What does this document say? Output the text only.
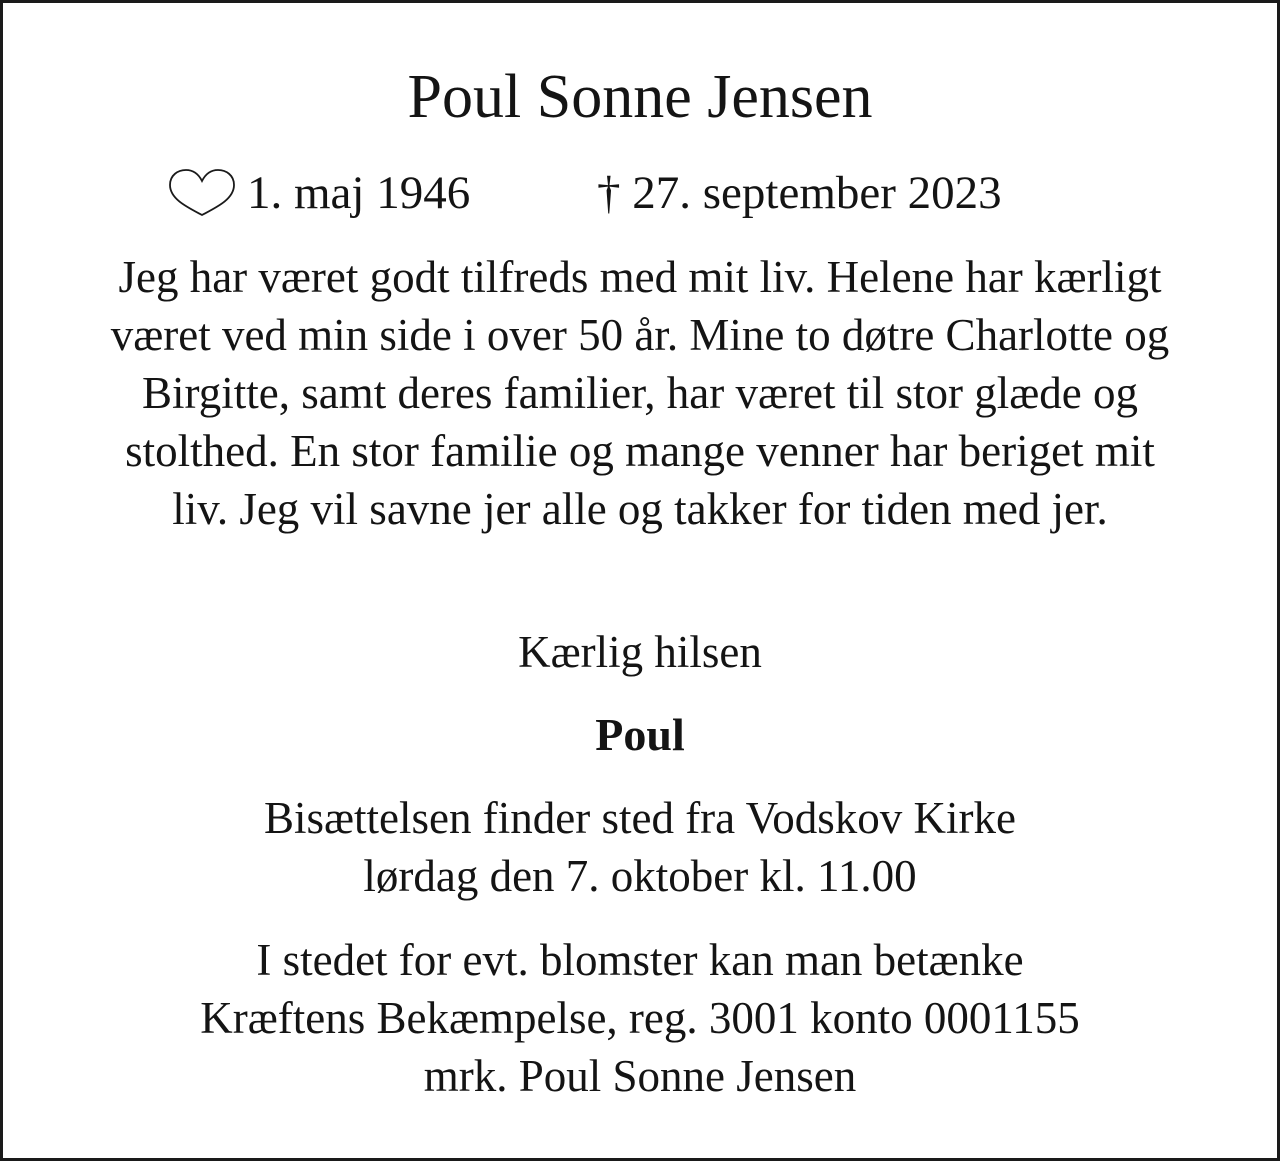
Poul Sonne Jensen
1. maj 1946	† 27. september 2023
Jeg har været godt tilfreds med mit liv. Helene har kærligt
været ved min side i over 50 år. Mine to døtre Charlotte og
Birgitte, samt deres familier, har været til stor glæde og
stolthed. En stor familie og mange venner har beriget mit
liv. Jeg vil savne jer alle og takker for tiden med jer.
Kærlig hilsen
Poul
Bisættelsen finder sted fra Vodskov Kirke
lørdag den 7. oktober kl. 11.00
I stedet for evt. blomster kan man betænke
Kræftens Bekæmpelse, reg. 3001 konto 0001155
mrk. Poul Sonne Jensen
